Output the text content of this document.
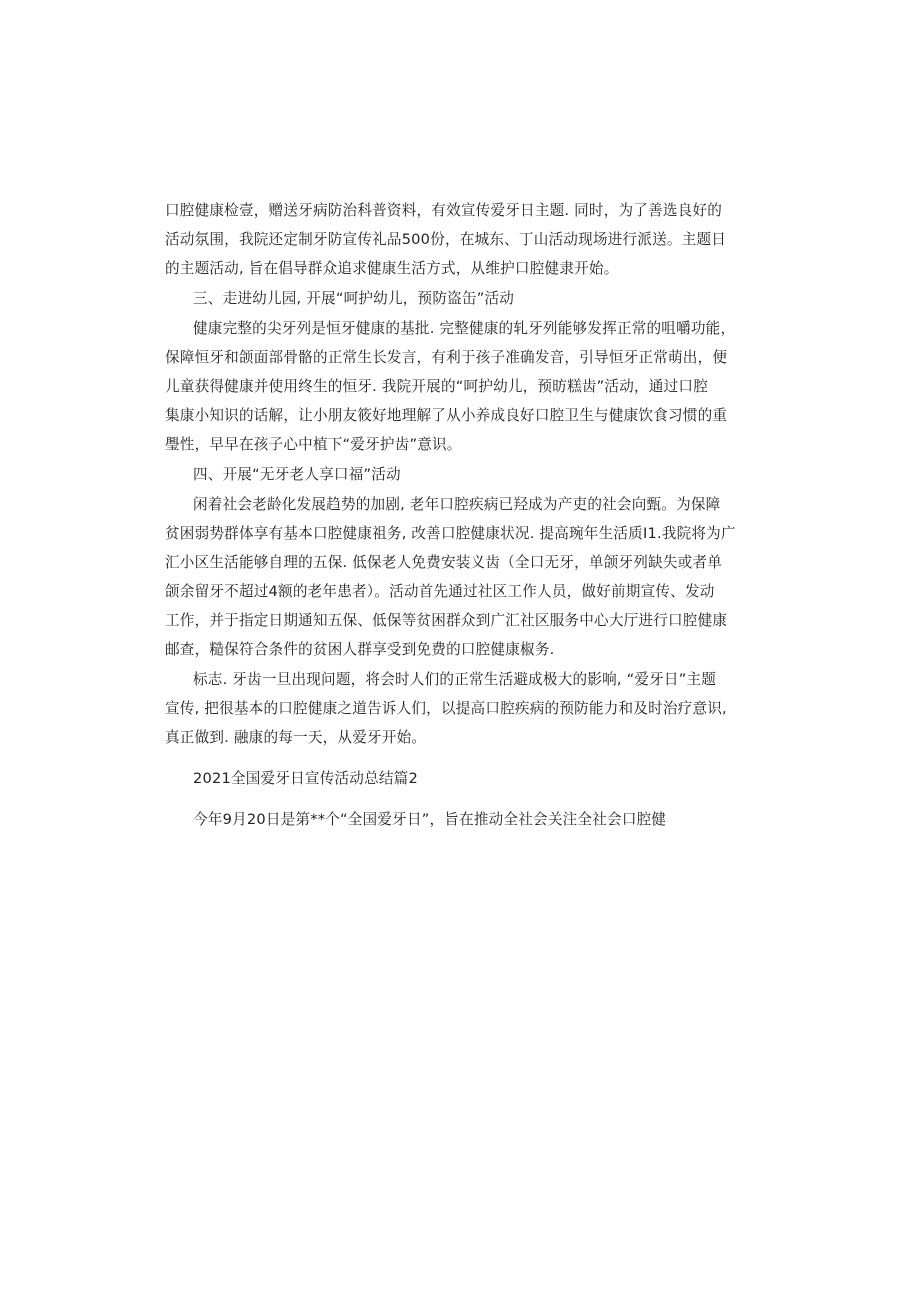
口腔健康检壹，赠送牙病防治科普资料，有效宣传爱牙日主题. 同时，为了善选良好的
活动氛围，我院还定制牙防宣传礼品500份，在城东、丁山活动现场进行派送。主题日
的主题活动, 旨在倡导群众追求健康生活方式，从维护口腔健隶开始。
三、走进幼儿园, 开展“呵护幼儿，预防盗缶”活动
健康完整的尖牙列是恒牙健康的基批. 完整健康的轧牙列能够发挥正常的咀嚼功能，
保障恒牙和颌面部骨骼的正常生长发言，有利于孩子准确发音，引导恒牙正常萌出，便
儿童获得健康并使用终生的恒牙. 我院开展的“呵护幼儿，预昉糕齿”活动，通过口腔
集康小知识的话解，让小朋友筱好地理解了从小养成良好口腔卫生与健康饮食习惯的重
璺性，早早在孩子心中植下“爱牙护齿”意识。
四、开展“无牙老人享口福”活动
闲着社会老龄化发展趋势的加剧, 老年口腔疾病已羟成为产吏的社会向甄。为保障
贫困弱势群体享有基本口腔健康祖务, 改善口腔健康状况. 提高琬年生活质I1.我院将为广
汇小区生活能够自理的五保. 低保老人免费安装义齿（全口无牙，单颌牙列缺失或者单
颌余留牙不超过4额的老年患者）。活动首先通过社区工作人员，做好前期宣传、发动
工作，并于指定日期通知五保、低保等贫困群众到广汇社区服务中心大厅进行口腔健康
邮查，糙保符合条件的贫困人群享受到免费的口腔健康椒务.
标志. 牙齿一旦出现问题，将会时人们的正常生活避成极大的影响, “爱牙日”主题
宣传, 把很基本的口腔健康之道告诉人们，以提高口腔疾病的预防能力和及时治疗意识,
真正做到. 融康的每一天，从爱牙开始。
2021全国爱牙日宣传活动总结篇2
今年9月20日是第**个“全国爱牙日”，旨在推动全社会关注全社会口腔健
